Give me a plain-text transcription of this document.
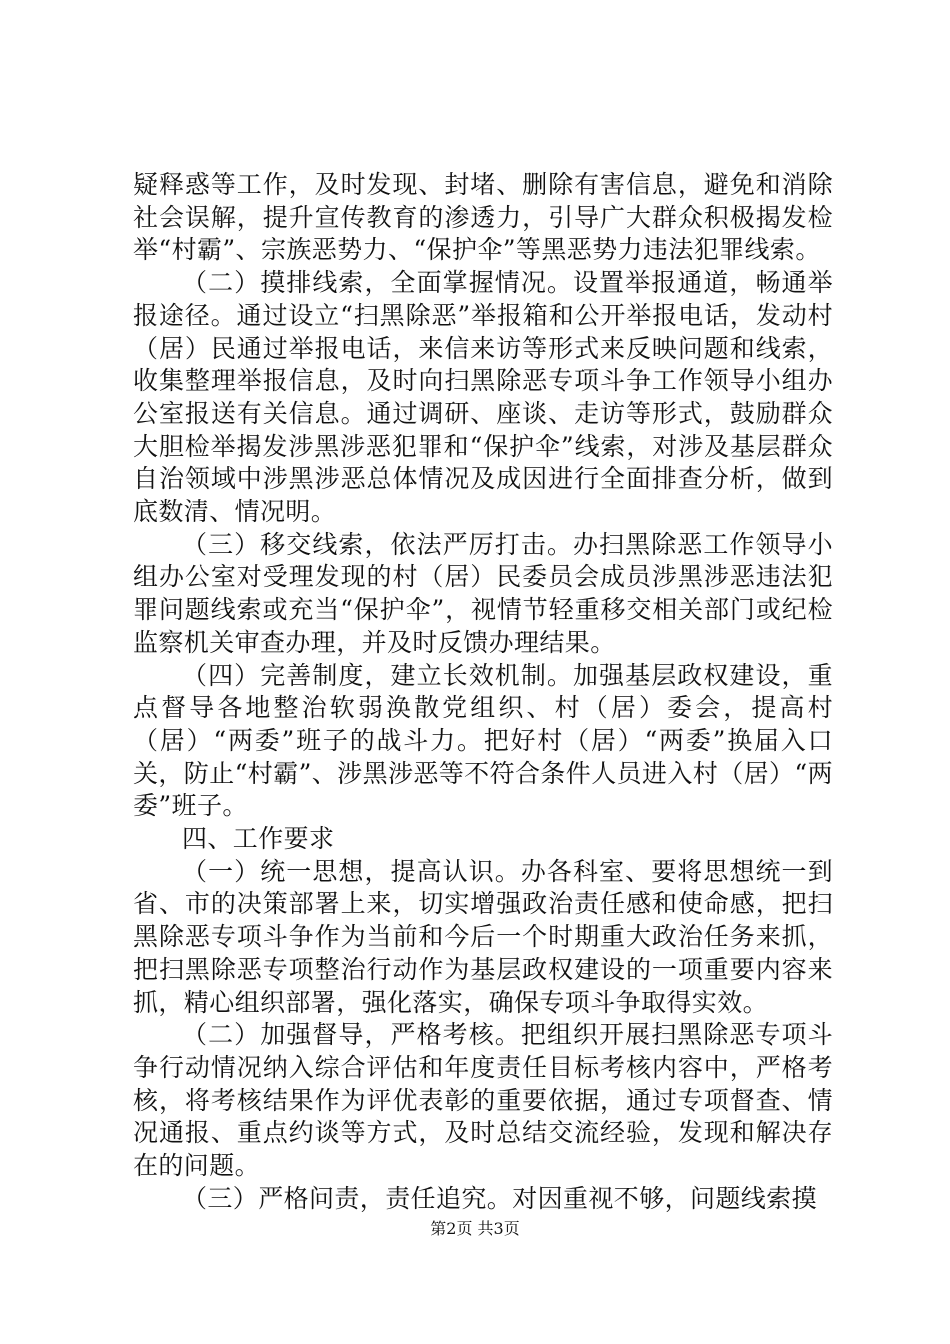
疑释惑等工作，及时发现、封堵、删除有害信息，避免和消除社会误解，提升宣传教育的渗透力，引导广大群众积极揭发检举“村霸”、宗族恶势力、“保护伞”等黑恶势力违法犯罪线索。

（二）摸排线索，全面掌握情况。设置举报通道，畅通举报途径。通过设立“扫黑除恶”举报箱和公开举报电话，发动村（居）民通过举报电话，来信来访等形式来反映问题和线索，收集整理举报信息，及时向扫黑除恶专项斗争工作领导小组办公室报送有关信息。通过调研、座谈、走访等形式，鼓励群众大胆检举揭发涉黑涉恶犯罪和“保护伞”线索，对涉及基层群众自治领域中涉黑涉恶总体情况及成因进行全面排查分析，做到底数清、情况明。

（三）移交线索，依法严厉打击。办扫黑除恶工作领导小组办公室对受理发现的村（居）民委员会成员涉黑涉恶违法犯罪问题线索或充当“保护伞”，视情节轻重移交相关部门或纪检监察机关审查办理，并及时反馈办理结果。

（四）完善制度，建立长效机制。加强基层政权建设，重点督导各地整治软弱涣散党组织、村（居）委会，提高村（居）“两委”班子的战斗力。把好村（居）“两委”换届入口关，防止“村霸”、涉黑涉恶等不符合条件人员进入村（居）“两委”班子。

四、工作要求

（一）统一思想，提高认识。办各科室、要将思想统一到省、市的决策部署上来，切实增强政治责任感和使命感，把扫黑除恶专项斗争作为当前和今后一个时期重大政治任务来抓，把扫黑除恶专项整治行动作为基层政权建设的一项重要内容来抓，精心组织部署，强化落实，确保专项斗争取得实效。

（二）加强督导，严格考核。把组织开展扫黑除恶专项斗争行动情况纳入综合评估和年度责任目标考核内容中，严格考核，将考核结果作为评优表彰的重要依据，通过专项督查、情况通报、重点约谈等方式，及时总结交流经验，发现和解决存在的问题。

（三）严格问责，责任追究。对因重视不够，问题线索摸

第2页 共3页
